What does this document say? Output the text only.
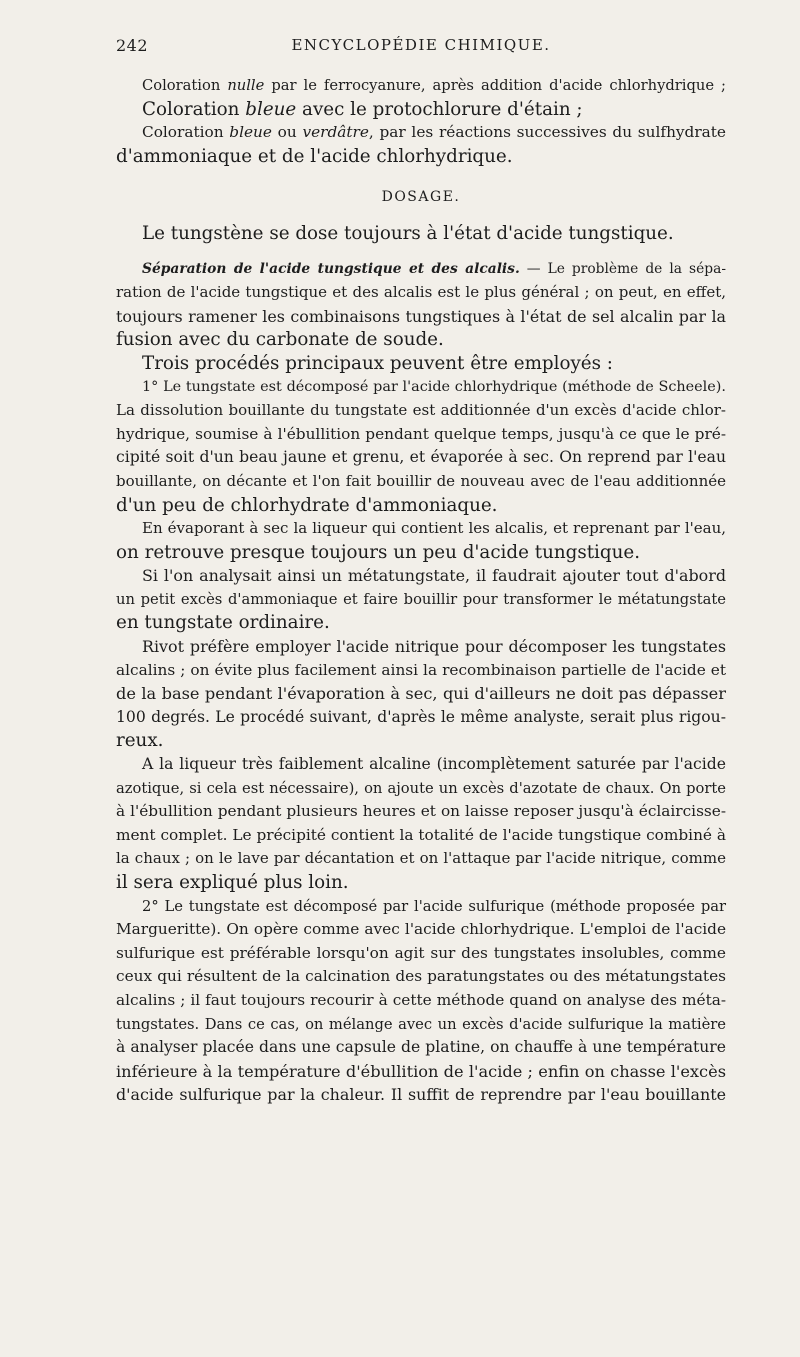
242	ENCYCLOPÉDIE CHIMIQUE.
Coloration nulle par le ferrocyanure, après addition d'acide chlorhydrique ;
Coloration bleue avec le protochlorure d'étain ;
Coloration bleue ou verdâtre, par les réactions successives du sulfhydrate
d'ammoniaque et de l'acide chlorhydrique.
DOSAGE.
Le tungstène se dose toujours à l'état d'acide tungstique.
Séparation de l'acide tungstique et des alcalis. — Le problème de la sépa-
ration de l'acide tungstique et des alcalis est le plus général ; on peut, en effet,
toujours ramener les combinaisons tungstiques à l'état de sel alcalin par la
fusion avec du carbonate de soude.
Trois procédés principaux peuvent être employés :
1° Le tungstate est décomposé par l'acide chlorhydrique (méthode de Scheele).
La dissolution bouillante du tungstate est additionnée d'un excès d'acide chlor-
hydrique, soumise à l'ébullition pendant quelque temps, jusqu'à ce que le pré-
cipité soit d'un beau jaune et grenu, et évaporée à sec. On reprend par l'eau
bouillante, on décante et l'on fait bouillir de nouveau avec de l'eau additionnée
d'un peu de chlorhydrate d'ammoniaque.
En évaporant à sec la liqueur qui contient les alcalis, et reprenant par l'eau,
on retrouve presque toujours un peu d'acide tungstique.
Si l'on analysait ainsi un métatungstate, il faudrait ajouter tout d'abord
un petit excès d'ammoniaque et faire bouillir pour transformer le métatungstate
en tungstate ordinaire.
Rivot préfère employer l'acide nitrique pour décomposer les tungstates
alcalins ; on évite plus facilement ainsi la recombinaison partielle de l'acide et
de la base pendant l'évaporation à sec, qui d'ailleurs ne doit pas dépasser
100 degrés. Le procédé suivant, d'après le même analyste, serait plus rigou-
reux.
A la liqueur très faiblement alcaline (incomplètement saturée par l'acide
azotique, si cela est nécessaire), on ajoute un excès d'azotate de chaux. On porte
à l'ébullition pendant plusieurs heures et on laisse reposer jusqu'à éclaircisse-
ment complet. Le précipité contient la totalité de l'acide tungstique combiné à
la chaux ; on le lave par décantation et on l'attaque par l'acide nitrique, comme
il sera expliqué plus loin.
2° Le tungstate est décomposé par l'acide sulfurique (méthode proposée par
Margueritte). On opère comme avec l'acide chlorhydrique. L'emploi de l'acide
sulfurique est préférable lorsqu'on agit sur des tungstates insolubles, comme
ceux qui résultent de la calcination des paratungstates ou des métatungstates
alcalins ; il faut toujours recourir à cette méthode quand on analyse des méta-
tungstates. Dans ce cas, on mélange avec un excès d'acide sulfurique la matière
à analyser placée dans une capsule de platine, on chauffe à une température
inférieure à la température d'ébullition de l'acide ; enfin on chasse l'excès
d'acide sulfurique par la chaleur. Il suffit de reprendre par l'eau bouillante
